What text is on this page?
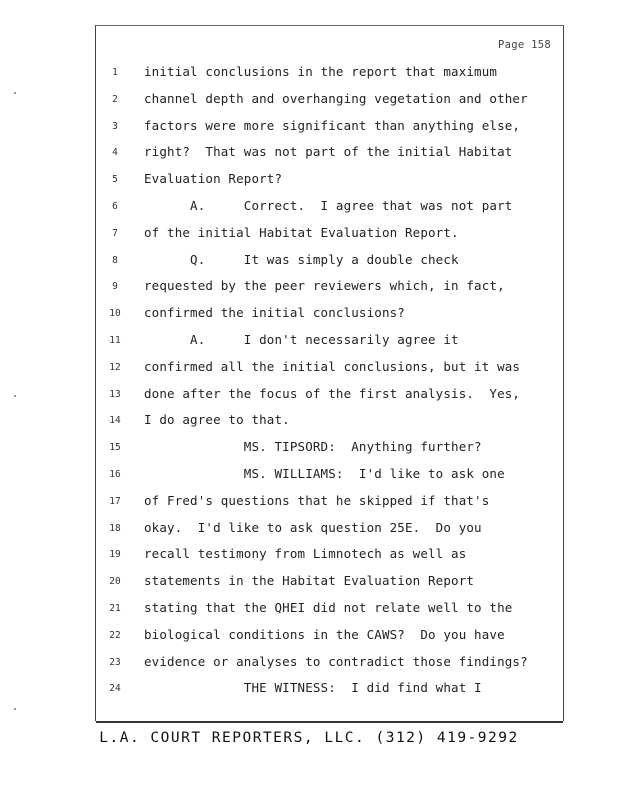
Page 158
1	initial conclusions in the report that maximum
2	channel depth and overhanging vegetation and other
3	factors were more significant than anything else,
4	right?  That was not part of the initial Habitat
5	Evaluation Report?
6	A.     Correct.  I agree that was not part
7	of the initial Habitat Evaluation Report.
8	Q.     It was simply a double check
9	requested by the peer reviewers which, in fact,
10	confirmed the initial conclusions?
11	A.     I don't necessarily agree it
12	confirmed all the initial conclusions, but it was
13	done after the focus of the first analysis.  Yes,
14	I do agree to that.
15	MS. TIPSORD:  Anything further?
16	MS. WILLIAMS:  I'd like to ask one
17	of Fred's questions that he skipped if that's
18	okay.  I'd like to ask question 25E.  Do you
19	recall testimony from Limnotech as well as
20	statements in the Habitat Evaluation Report
21	stating that the QHEI did not relate well to the
22	biological conditions in the CAWS?  Do you have
23	evidence or analyses to contradict those findings?
24	THE WITNESS:  I did find what I
L.A. COURT REPORTERS, LLC. (312) 419-9292
